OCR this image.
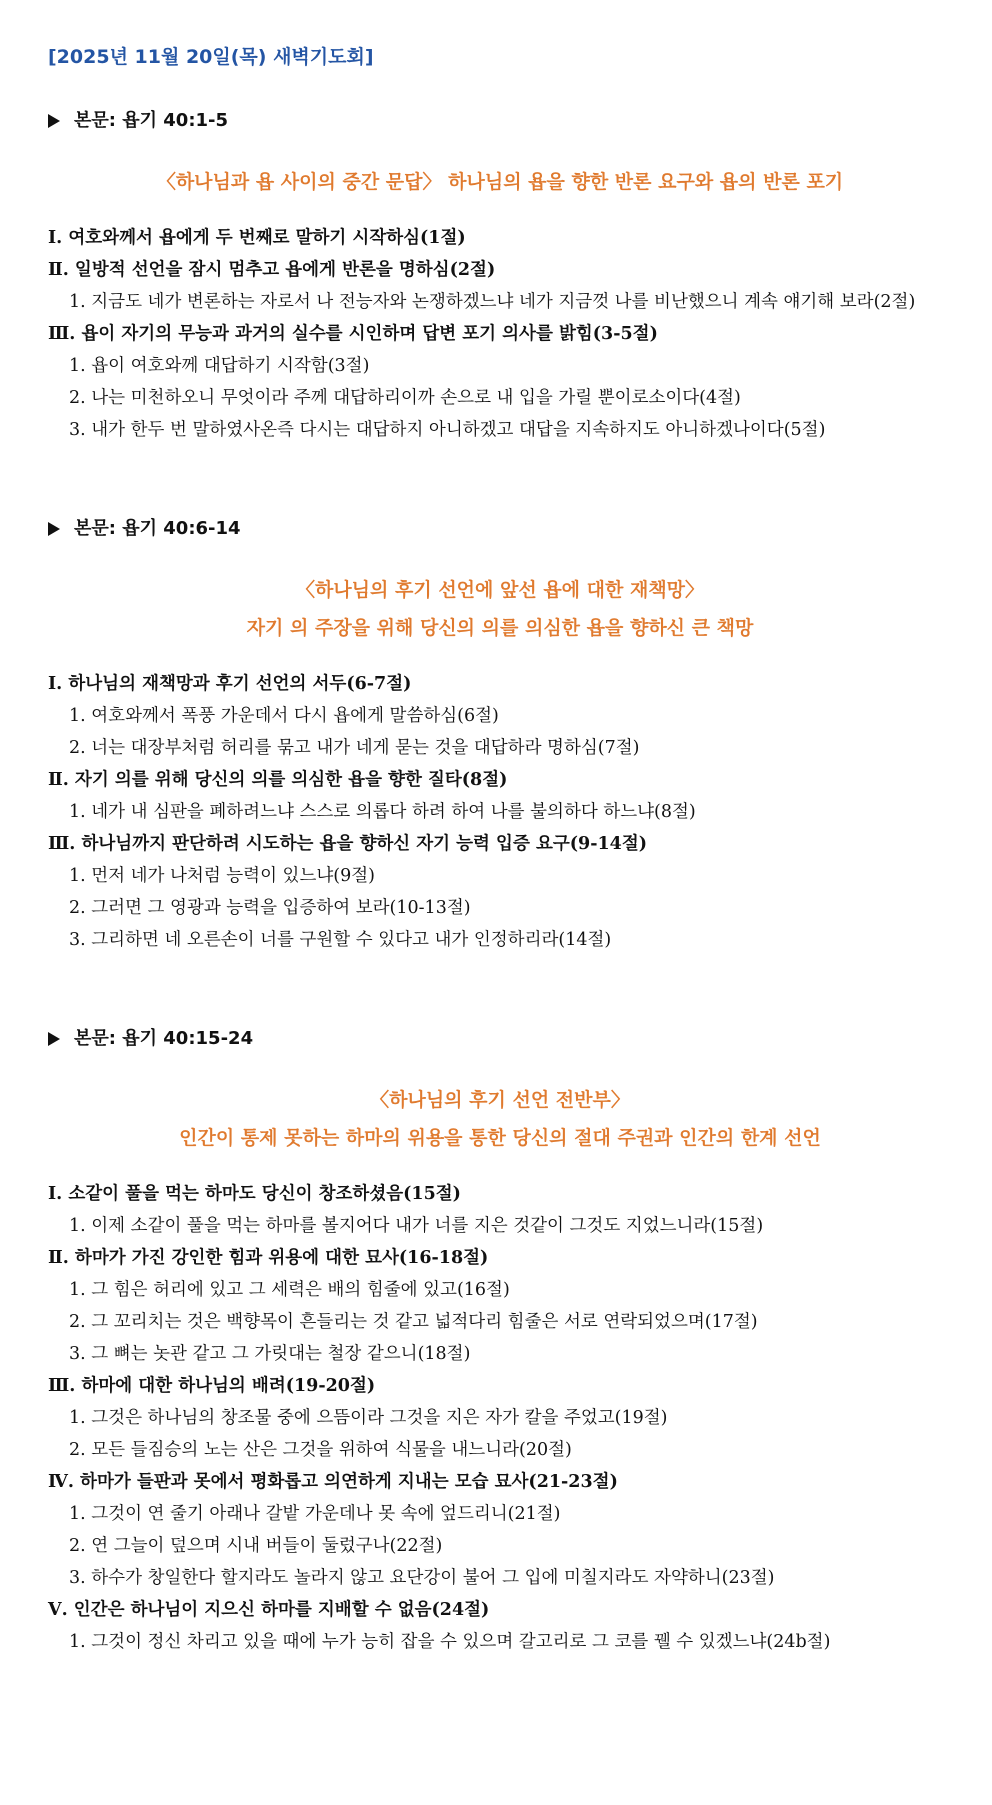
[2025년 11월 20일(목) 새벽기도회]
본문: 욥기 40:1-5
〈하나님과 욥 사이의 중간 문답〉 하나님의 욥을 향한 반론 요구와 욥의 반론 포기
Ⅰ. 여호와께서 욥에게 두 번째로 말하기 시작하심(1절)
Ⅱ. 일방적 선언을 잠시 멈추고 욥에게 반론을 명하심(2절)
1. 지금도 네가 변론하는 자로서 나 전능자와 논쟁하겠느냐 네가 지금껏 나를 비난했으니 계속 얘기해 보라(2절)
Ⅲ. 욥이 자기의 무능과 과거의 실수를 시인하며 답변 포기 의사를 밝힘(3-5절)
1. 욥이 여호와께 대답하기 시작함(3절)
2. 나는 미천하오니 무엇이라 주께 대답하리이까 손으로 내 입을 가릴 뿐이로소이다(4절)
3. 내가 한두 번 말하였사온즉 다시는 대답하지 아니하겠고 대답을 지속하지도 아니하겠나이다(5절)
본문: 욥기 40:6-14
〈하나님의 후기 선언에 앞선 욥에 대한 재책망〉
자기 의 주장을 위해 당신의 의를 의심한 욥을 향하신 큰 책망
Ⅰ. 하나님의 재책망과 후기 선언의 서두(6-7절)
1. 여호와께서 폭풍 가운데서 다시 욥에게 말씀하심(6절)
2. 너는 대장부처럼 허리를 묶고 내가 네게 묻는 것을 대답하라 명하심(7절)
Ⅱ. 자기 의를 위해 당신의 의를 의심한 욥을 향한 질타(8절)
1. 네가 내 심판을 폐하려느냐 스스로 의롭다 하려 하여 나를 불의하다 하느냐(8절)
Ⅲ. 하나님까지 판단하려 시도하는 욥을 향하신 자기 능력 입증 요구(9-14절)
1. 먼저 네가 나처럼 능력이 있느냐(9절)
2. 그러면 그 영광과 능력을 입증하여 보라(10-13절)
3. 그리하면 네 오른손이 너를 구원할 수 있다고 내가 인정하리라(14절)
본문: 욥기 40:15-24
〈하나님의 후기 선언 전반부〉
인간이 통제 못하는 하마의 위용을 통한 당신의 절대 주권과 인간의 한계 선언
Ⅰ. 소같이 풀을 먹는 하마도 당신이 창조하셨음(15절)
1. 이제 소같이 풀을 먹는 하마를 볼지어다 내가 너를 지은 것같이 그것도 지었느니라(15절)
Ⅱ. 하마가 가진 강인한 힘과 위용에 대한 묘사(16-18절)
1. 그 힘은 허리에 있고 그 세력은 배의 힘줄에 있고(16절)
2. 그 꼬리치는 것은 백향목이 흔들리는 것 같고 넓적다리 힘줄은 서로 연락되었으며(17절)
3. 그 뼈는 놋관 같고 그 가릿대는 철장 같으니(18절)
Ⅲ. 하마에 대한 하나님의 배려(19-20절)
1. 그것은 하나님의 창조물 중에 으뜸이라 그것을 지은 자가 칼을 주었고(19절)
2. 모든 들짐승의 노는 산은 그것을 위하여 식물을 내느니라(20절)
Ⅳ. 하마가 들판과 못에서 평화롭고 의연하게 지내는 모습 묘사(21-23절)
1. 그것이 연 줄기 아래나 갈밭 가운데나 못 속에 엎드리니(21절)
2. 연 그늘이 덮으며 시내 버들이 둘렀구나(22절)
3. 하수가 창일한다 할지라도 놀라지 않고 요단강이 불어 그 입에 미칠지라도 자약하니(23절)
Ⅴ. 인간은 하나님이 지으신 하마를 지배할 수 없음(24절)
1. 그것이 정신 차리고 있을 때에 누가 능히 잡을 수 있으며 갈고리로 그 코를 꿸 수 있겠느냐(24b절)
